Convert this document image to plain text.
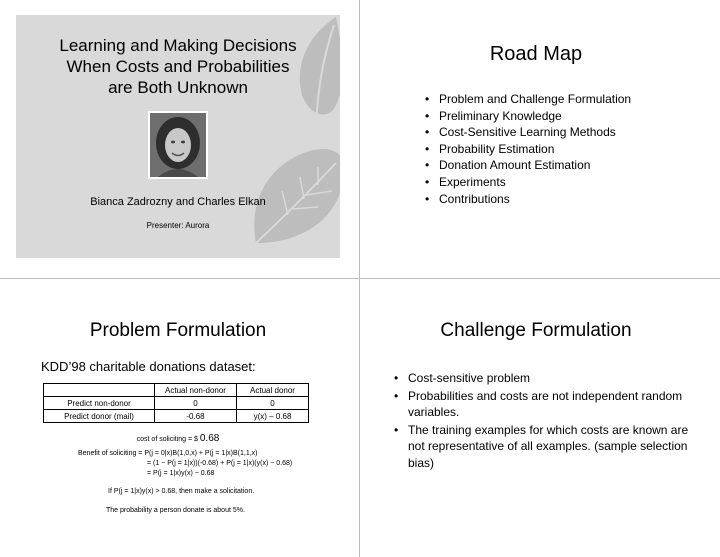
Learning and Making Decisions
When Costs and Probabilities
are Both Unknown
Bianca Zadrozny and Charles Elkan
Presenter: Aurora
Road Map
• Problem and Challenge Formulation
• Preliminary Knowledge
• Cost-Sensitive Learning Methods
• Probability Estimation
• Donation Amount Estimation
• Experiments
• Contributions
Problem Formulation
KDD’98 charitable donations dataset:
	Actual non-donor	Actual donor
Predict non-donor	0	0
Predict donor (mail)	-0.68	y(x) – 0.68
cost of soliciting = $ 0.68
Benefit of soliciting = P(j = 0|x)B(1,0,x) + P(j = 1|x)B(1,1,x)
= (1 − P(j = 1|x))(-0.68) + P(j = 1|x)(y(x) − 0.68)
= P(j = 1|x)y(x) − 0.68
If P(j = 1|x)y(x) > 0.68, then make a solicitation.
The probability a person donate is about 5%.
Challenge Formulation
• Cost-sensitive problem
• Probabilities and costs are not independent random variables.
• The training examples for which costs are known are not representative of all examples. (sample selection bias)
